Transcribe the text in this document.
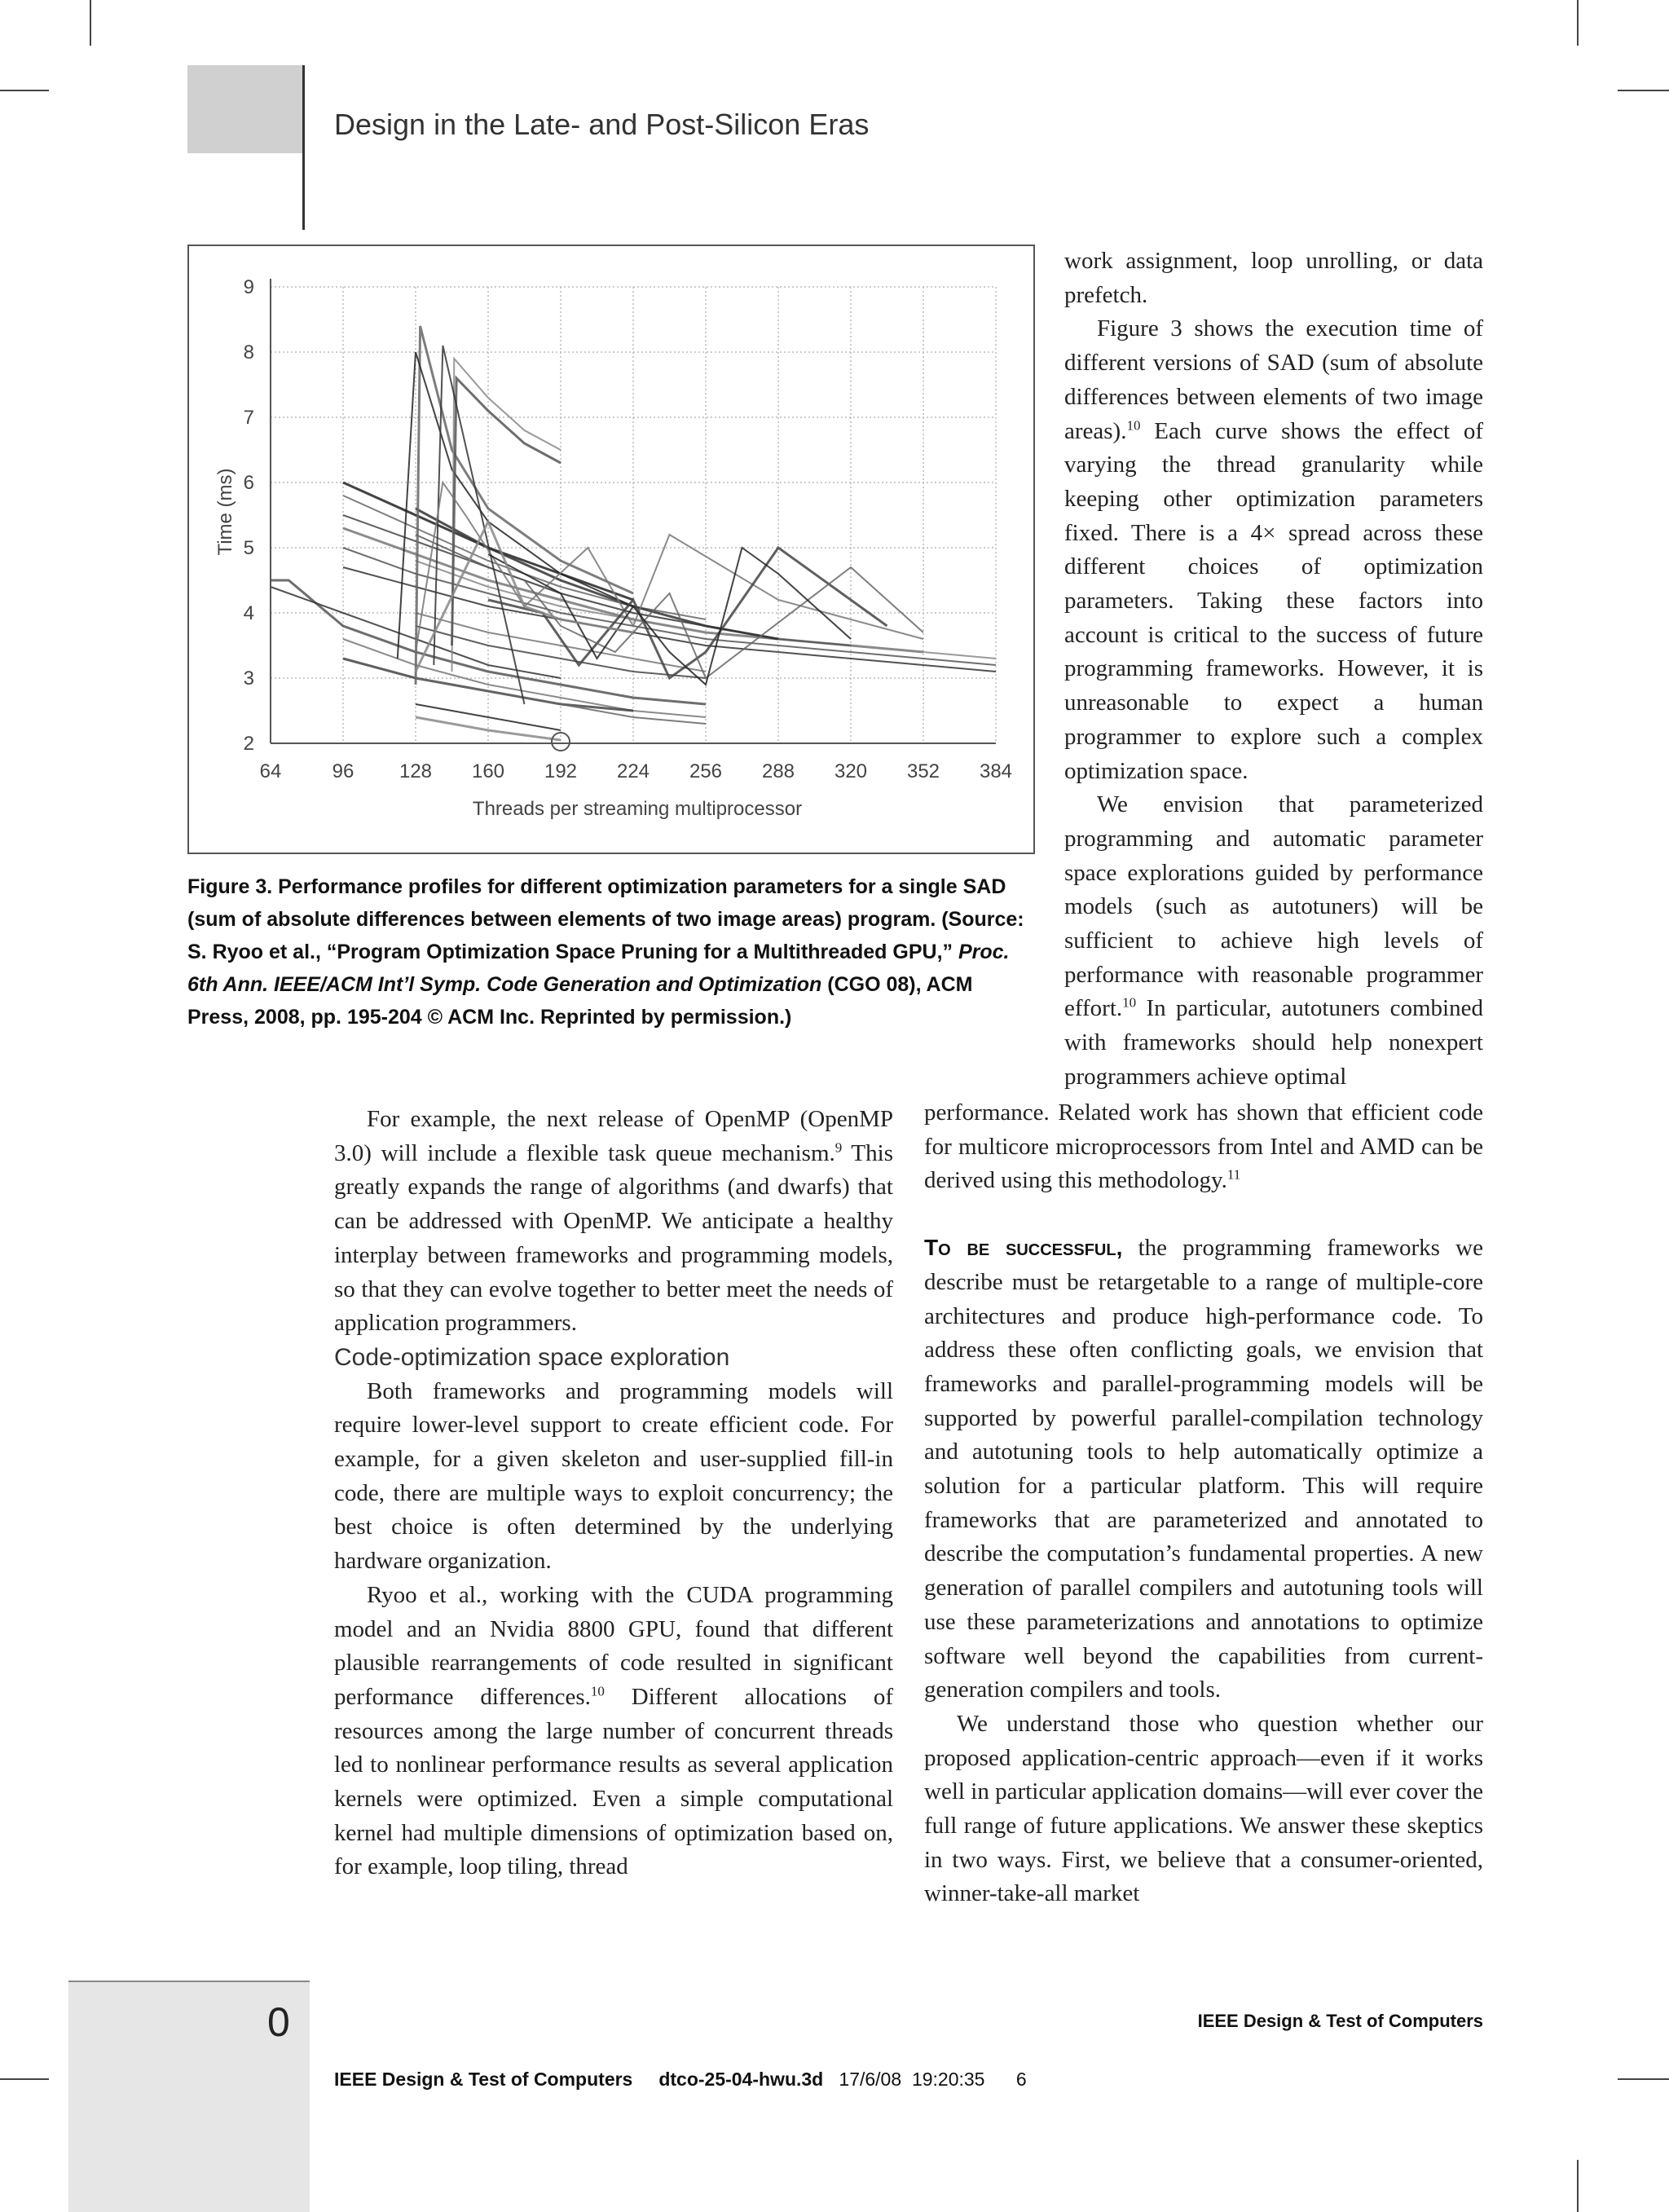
Design in the Late- and Post-Silicon Eras
64	96 128 160 192 224 256 288 320 352 384
2
3
4
5
6
7
8
9
Time (ms)
Threads per streaming multiprocessor
Figure 3. Performance profiles for different optimization parameters for a single SAD (sum of absolute differences between elements of two image areas) program. (Source: S. Ryoo et al., “Program Optimization Space Pruning for a Multithreaded GPU,” Proc. 6th Ann. IEEE/ACM Int’l Symp. Code Generation and Optimization (CGO 08), ACM Press, 2008, pp. 195-204 © ACM Inc. Reprinted by permission.)

For example, the next release of OpenMP (OpenMP 3.0) will include a flexible task queue mechanism.$^9$ This greatly expands the range of algorithms (and dwarfs) that can be addressed with OpenMP. We anticipate a healthy interplay between frameworks and programming models, so that they can evolve together to better meet the needs of application programmers.

Code-optimization space exploration

Both frameworks and programming models will require lower-level support to create efficient code. For example, for a given skeleton and user-supplied fill-in code, there are multiple ways to exploit concurrency; the best choice is often determined by the underlying hardware organization.

Ryoo et al., working with the CUDA programming model and an Nvidia 8800 GPU, found that different plausible rearrangements of code resulted in significant performance differences.$^{10}$ Different allocations of resources among the large number of concurrent threads led to nonlinear performance results as several application kernels were optimized. Even a simple computational kernel had multiple dimensions of optimization based on, for example, loop tiling, thread

work assignment, loop unrolling, or data prefetch.

Figure 3 shows the execution time of different versions of SAD (sum of absolute differences between elements of two image areas).$^{10}$ Each curve shows the effect of varying the thread granularity while keeping other optimization parameters fixed. There is a 4× spread across these different choices of optimization parameters. Taking these factors into account is critical to the success of future programming frameworks. However, it is unreasonable to expect a human programmer to explore such a complex optimization space.

We envision that parameterized programming and automatic parameter space explorations guided by performance models (such as autotuners) will be sufficient to achieve high levels of performance with reasonable programmer effort.$^{10}$ In particular, autotuners combined with frameworks should help nonexpert programmers achieve optimal

performance. Related work has shown that efficient code for multicore microprocessors from Intel and AMD can be derived using this methodology.$^{11}$

To be successful, the programming frameworks we describe must be retargetable to a range of multiple-core architectures and produce high-performance code. To address these often conflicting goals, we envision that frameworks and parallel-programming models will be supported by powerful parallel-compilation technology and autotuning tools to help automatically optimize a solution for a particular platform. This will require frameworks that are parameterized and annotated to describe the computation’s fundamental properties. A new generation of parallel compilers and autotuning tools will use these parameterizations and annotations to optimize software well beyond the capabilities from current-generation compilers and tools.

We understand those who question whether our proposed application-centric approach—even if it works well in particular application domains—will ever cover the full range of future applications. We answer these skeptics in two ways. First, we believe that a consumer-oriented, winner-take-all market

0	IEEE Design & Test of Computers
IEEE Design & Test of Computers dtco-25-04-hwu.3d 17/6/08 19:20:35 6
